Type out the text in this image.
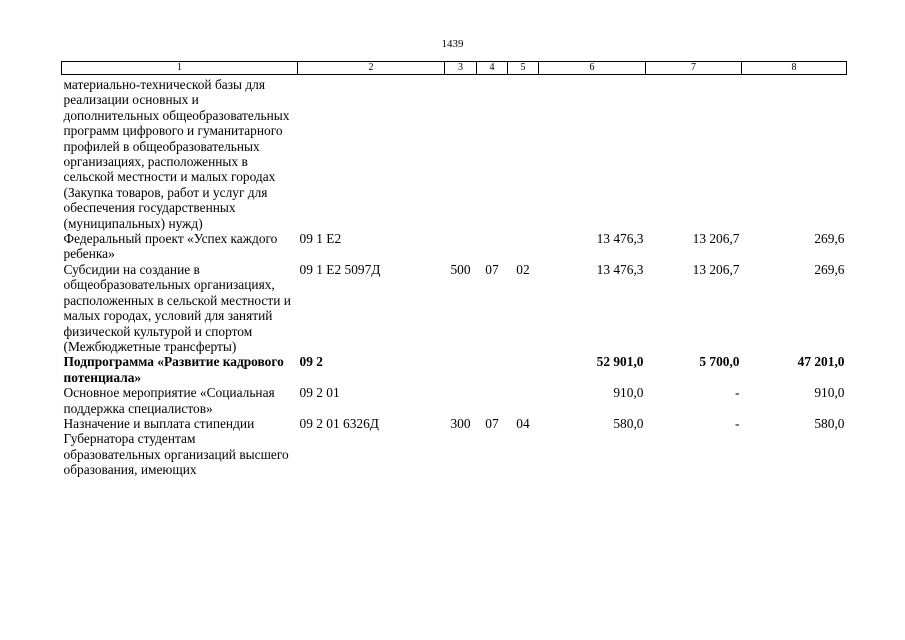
1439
1	2	3	4	5	6	7	8
материально-технической базы для реализации основных и дополнительных общеобразовательных программ цифрового и гуманитарного профилей в общеобразовательных организациях, расположенных в сельской местности и малых городах (Закупка товаров, работ и услуг для обеспечения государственных (муниципальных) нужд)							
Федеральный проект «Успех каждого ребенка»	09 1 Е2				13 476,3	13 206,7	269,6
Субсидии на создание в общеобразовательных организациях, расположенных в сельской местности и малых городах, условий для занятий физической культурой и спортом (Межбюджетные трансферты)	09 1 Е2 5097Д	500	07	02	13 476,3	13 206,7	269,6
Подпрограмма «Развитие кадрового потенциала»	09 2				52 901,0	5 700,0	47 201,0
Основное мероприятие «Социальная поддержка специалистов»	09 2 01				910,0	-	910,0
Назначение и выплата стипендии Губернатора студентам образовательных организаций высшего образования, имеющих	09 2 01 6326Д	300	07	04	580,0	-	580,0
